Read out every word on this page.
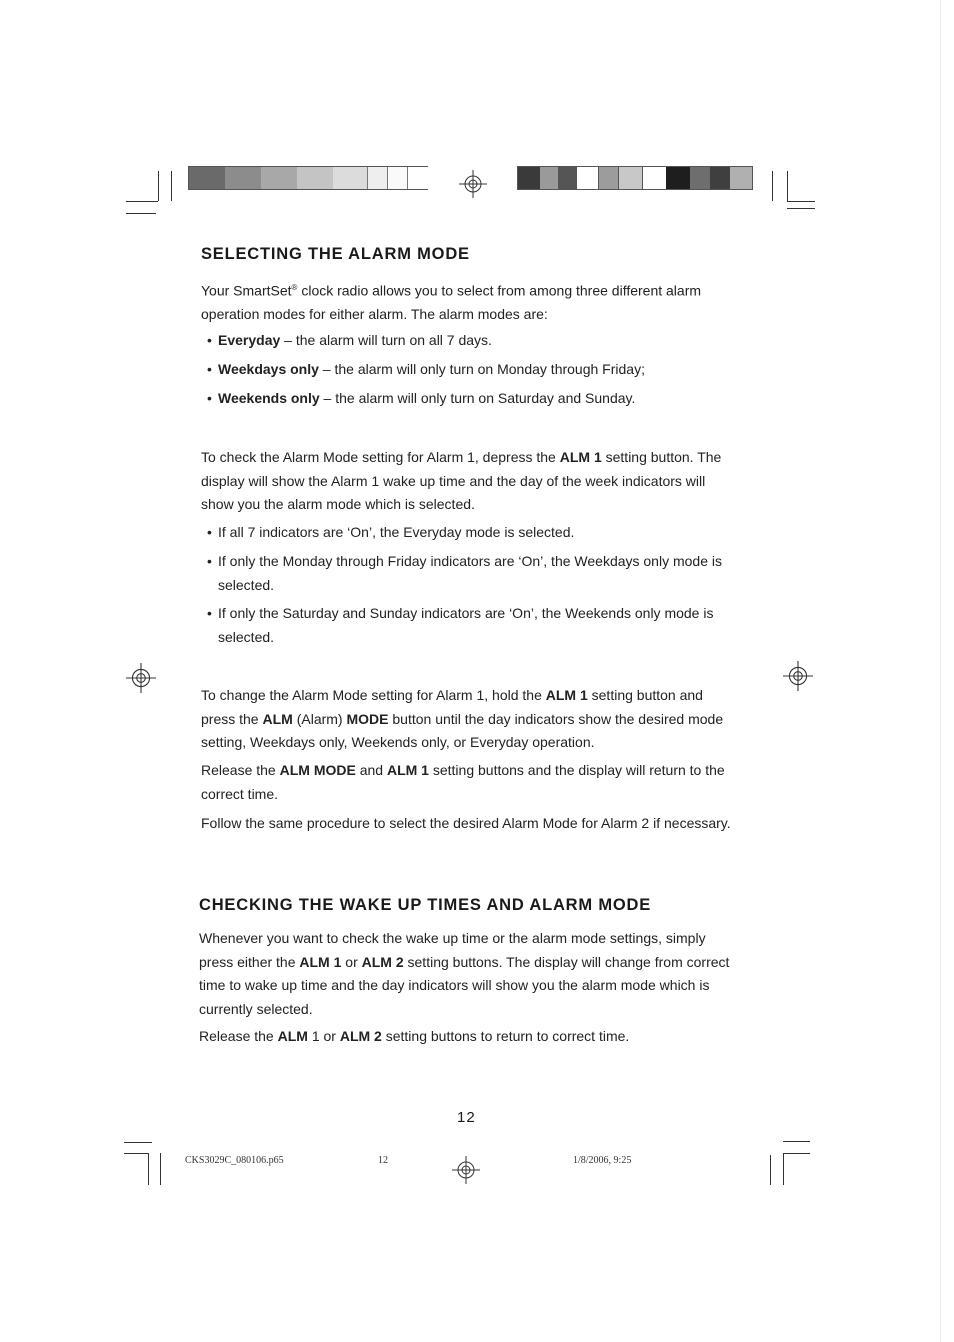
SELECTING THE ALARM MODE

Your SmartSet® clock radio allows you to select from among three different alarm operation modes for either alarm. The alarm modes are:

• Everyday – the alarm will turn on all 7 days.
• Weekdays only – the alarm will only turn on Monday through Friday;
• Weekends only – the alarm will only turn on Saturday and Sunday.

To check the Alarm Mode setting for Alarm 1, depress the ALM 1 setting button. The display will show the Alarm 1 wake up time and the day of the week indicators will show you the alarm mode which is selected.

• If all 7 indicators are ‘On’, the Everyday mode is selected.
• If only the Monday through Friday indicators are ‘On’, the Weekdays only mode is selected.
• If only the Saturday and Sunday indicators are ‘On’, the Weekends only mode is selected.

To change the Alarm Mode setting for Alarm 1, hold the ALM 1 setting button and press the ALM (Alarm) MODE button until the day indicators show the desired mode setting, Weekdays only, Weekends only, or Everyday operation.

Release the ALM MODE and ALM 1 setting buttons and the display will return to the correct time.

Follow the same procedure to select the desired Alarm Mode for Alarm 2 if necessary.

CHECKING THE WAKE UP TIMES AND ALARM MODE

Whenever you want to check the wake up time or the alarm mode settings, simply press either the ALM 1 or ALM 2 setting buttons. The display will change from correct time to wake up time and the day indicators will show you the alarm mode which is currently selected.

Release the ALM 1 or ALM 2 setting buttons to return to correct time.

12
CKS3029C_080106.p65	12	1/8/2006, 9:25
